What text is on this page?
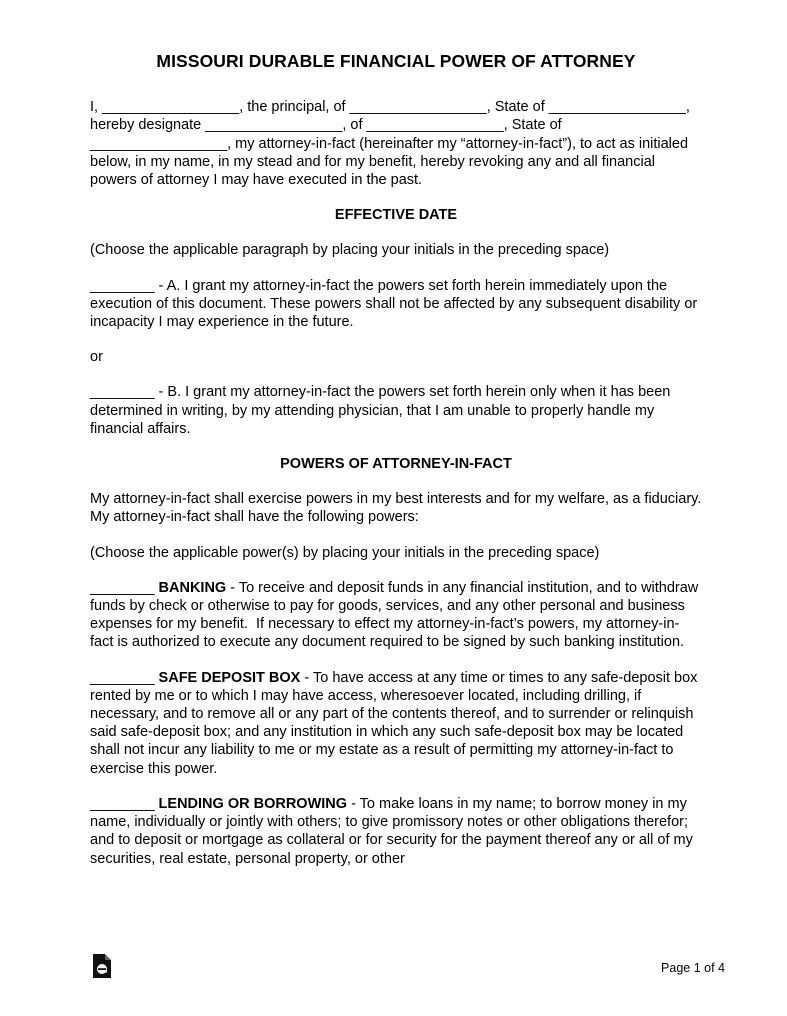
MISSOURI DURABLE FINANCIAL POWER OF ATTORNEY

I, _________________, the principal, of _________________, State of _________________, hereby designate _________________, of _________________, State of _________________, my attorney-in-fact (hereinafter my “attorney-in-fact”), to act as initialed below, in my name, in my stead and for my benefit, hereby revoking any and all financial powers of attorney I may have executed in the past.

EFFECTIVE DATE

(Choose the applicable paragraph by placing your initials in the preceding space)

________ - A. I grant my attorney-in-fact the powers set forth herein immediately upon the execution of this document. These powers shall not be affected by any subsequent disability or incapacity I may experience in the future.

or

________ - B. I grant my attorney-in-fact the powers set forth herein only when it has been determined in writing, by my attending physician, that I am unable to properly handle my financial affairs.

POWERS OF ATTORNEY-IN-FACT

My attorney-in-fact shall exercise powers in my best interests and for my welfare, as a fiduciary. My attorney-in-fact shall have the following powers:

(Choose the applicable power(s) by placing your initials in the preceding space)

________ BANKING - To receive and deposit funds in any financial institution, and to withdraw funds by check or otherwise to pay for goods, services, and any other personal and business expenses for my benefit.  If necessary to effect my attorney-in-fact’s powers, my attorney-in-fact is authorized to execute any document required to be signed by such banking institution.

________ SAFE DEPOSIT BOX - To have access at any time or times to any safe-deposit box rented by me or to which I may have access, wheresoever located, including drilling, if necessary, and to remove all or any part of the contents thereof, and to surrender or relinquish said safe-deposit box; and any institution in which any such safe-deposit box may be located shall not incur any liability to me or my estate as a result of permitting my attorney-in-fact to exercise this power.

________ LENDING OR BORROWING - To make loans in my name; to borrow money in my name, individually or jointly with others; to give promissory notes or other obligations therefor; and to deposit or mortgage as collateral or for security for the payment thereof any or all of my securities, real estate, personal property, or other

Page 1 of 4
